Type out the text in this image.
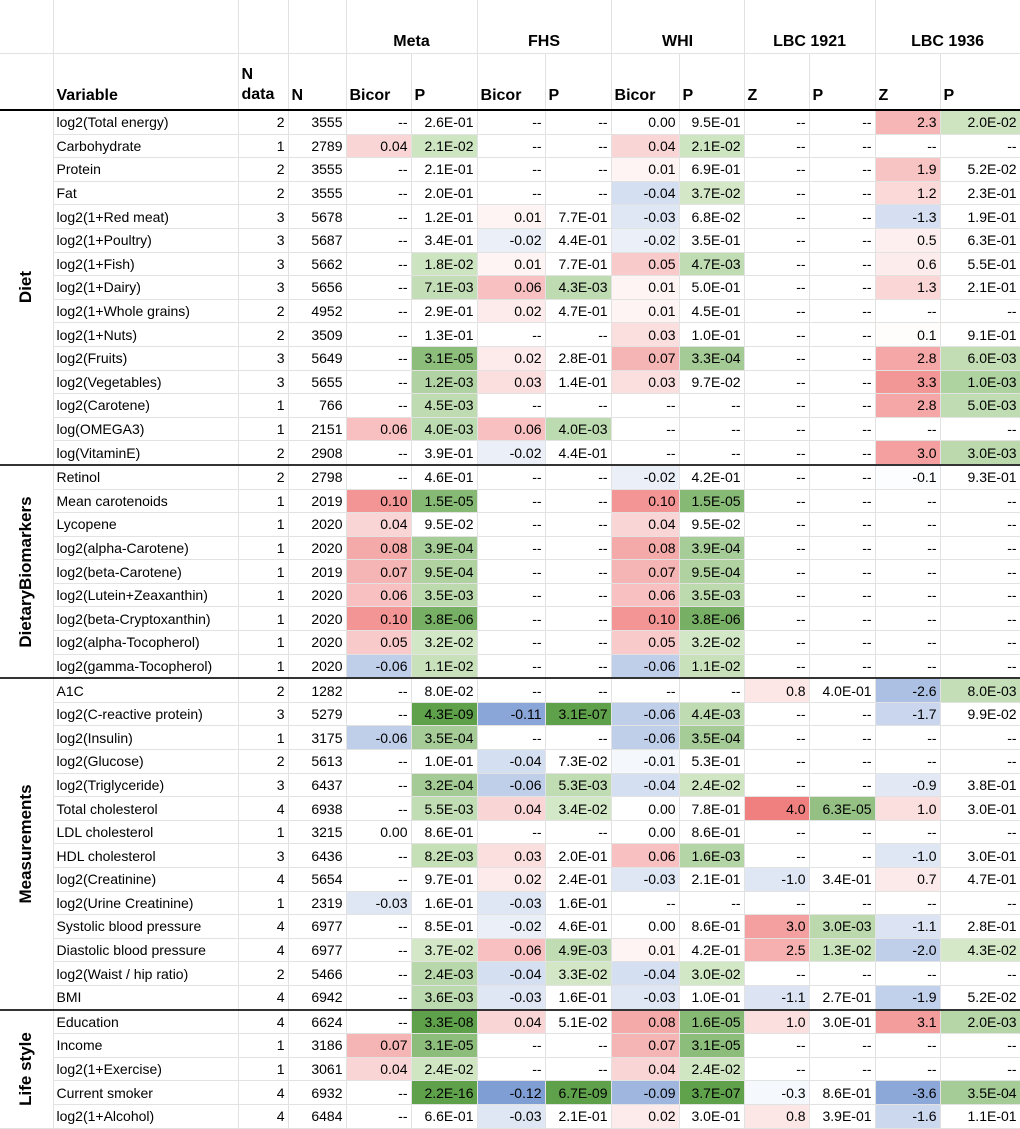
				Meta		FHS		WHI		LBC 1921		LBC 1936	
	Variable	N data	N	Bicor	P	Bicor	P	Bicor	P	Z	P	Z	P

Diet	log2(Total energy)	2	3555	--	2.6E-01	--	--	0.00	9.5E-01	--	--	2.3	2.0E-02
	Carbohydrate	1	2789	0.04	2.1E-02	--	--	0.04	2.1E-02	--	--	--	--
	Protein	2	3555	--	2.1E-01	--	--	0.01	6.9E-01	--	--	1.9	5.2E-02
	Fat	2	3555	--	2.0E-01	--	--	-0.04	3.7E-02	--	--	1.2	2.3E-01
	log2(1+Red meat)	3	5678	--	1.2E-01	0.01	7.7E-01	-0.03	6.8E-02	--	--	-1.3	1.9E-01
	log2(1+Poultry)	3	5687	--	3.4E-01	-0.02	4.4E-01	-0.02	3.5E-01	--	--	0.5	6.3E-01
	log2(1+Fish)	3	5662	--	1.8E-02	0.01	7.7E-01	0.05	4.7E-03	--	--	0.6	5.5E-01
	log2(1+Dairy)	3	5656	--	7.1E-03	0.06	4.3E-03	0.01	5.0E-01	--	--	1.3	2.1E-01
	log2(1+Whole grains)	2	4952	--	2.9E-01	0.02	4.7E-01	0.01	4.5E-01	--	--	--	--
	log2(1+Nuts)	2	3509	--	1.3E-01	--	--	0.03	1.0E-01	--	--	0.1	9.1E-01
	log2(Fruits)	3	5649	--	3.1E-05	0.02	2.8E-01	0.07	3.3E-04	--	--	2.8	6.0E-03
	log2(Vegetables)	3	5655	--	1.2E-03	0.03	1.4E-01	0.03	9.7E-02	--	--	3.3	1.0E-03
	log2(Carotene)	1	766	--	4.5E-03	--	--	--	--	--	--	2.8	5.0E-03
	log(OMEGA3)	1	2151	0.06	4.0E-03	0.06	4.0E-03	--	--	--	--	--	--
	log(VitaminE)	2	2908	--	3.9E-01	-0.02	4.4E-01	--	--	--	--	3.0	3.0E-03

DietaryBiomarkers	Retinol	2	2798	--	4.6E-01	--	--	-0.02	4.2E-01	--	--	-0.1	9.3E-01
	Mean carotenoids	1	2019	0.10	1.5E-05	--	--	0.10	1.5E-05	--	--	--	--
	Lycopene	1	2020	0.04	9.5E-02	--	--	0.04	9.5E-02	--	--	--	--
	log2(alpha-Carotene)	1	2020	0.08	3.9E-04	--	--	0.08	3.9E-04	--	--	--	--
	log2(beta-Carotene)	1	2019	0.07	9.5E-04	--	--	0.07	9.5E-04	--	--	--	--
	log2(Lutein+Zeaxanthin)	1	2020	0.06	3.5E-03	--	--	0.06	3.5E-03	--	--	--	--
	log2(beta-Cryptoxanthin)	1	2020	0.10	3.8E-06	--	--	0.10	3.8E-06	--	--	--	--
	log2(alpha-Tocopherol)	1	2020	0.05	3.2E-02	--	--	0.05	3.2E-02	--	--	--	--
	log2(gamma-Tocopherol)	1	2020	-0.06	1.1E-02	--	--	-0.06	1.1E-02	--	--	--	--

Measurements	A1C	2	1282	--	8.0E-02	--	--	--	--	0.8	4.0E-01	-2.6	8.0E-03
	log2(C-reactive protein)	3	5279	--	4.3E-09	-0.11	3.1E-07	-0.06	4.4E-03	--	--	-1.7	9.9E-02
	log2(Insulin)	1	3175	-0.06	3.5E-04	--	--	-0.06	3.5E-04	--	--	--	--
	log2(Glucose)	2	5613	--	1.0E-01	-0.04	7.3E-02	-0.01	5.3E-01	--	--	--	--
	log2(Triglyceride)	3	6437	--	3.2E-04	-0.06	5.3E-03	-0.04	2.4E-02	--	--	-0.9	3.8E-01
	Total cholesterol	4	6938	--	5.5E-03	0.04	3.4E-02	0.00	7.8E-01	4.0	6.3E-05	1.0	3.0E-01
	LDL cholesterol	1	3215	0.00	8.6E-01	--	--	0.00	8.6E-01	--	--	--	--
	HDL cholesterol	3	6436	--	8.2E-03	0.03	2.0E-01	0.06	1.6E-03	--	--	-1.0	3.0E-01
	log2(Creatinine)	4	5654	--	9.7E-01	0.02	2.4E-01	-0.03	2.1E-01	-1.0	3.4E-01	0.7	4.7E-01
	log2(Urine Creatinine)	1	2319	-0.03	1.6E-01	-0.03	1.6E-01	--	--	--	--	--	--
	Systolic blood pressure	4	6977	--	8.5E-01	-0.02	4.6E-01	0.00	8.6E-01	3.0	3.0E-03	-1.1	2.8E-01
	Diastolic blood pressure	4	6977	--	3.7E-02	0.06	4.9E-03	0.01	4.2E-01	2.5	1.3E-02	-2.0	4.3E-02
	log2(Waist / hip ratio)	2	5466	--	2.4E-03	-0.04	3.3E-02	-0.04	3.0E-02	--	--	--	--
	BMI	4	6942	--	3.6E-03	-0.03	1.6E-01	-0.03	1.0E-01	-1.1	2.7E-01	-1.9	5.2E-02

Life style	Education	4	6624	--	3.3E-08	0.04	5.1E-02	0.08	1.6E-05	1.0	3.0E-01	3.1	2.0E-03
	Income	1	3186	0.07	3.1E-05	--	--	0.07	3.1E-05	--	--	--	--
	log2(1+Exercise)	1	3061	0.04	2.4E-02	--	--	0.04	2.4E-02	--	--	--	--
	Current smoker	4	6932	--	2.2E-16	-0.12	6.7E-09	-0.09	3.7E-07	-0.3	8.6E-01	-3.6	3.5E-04
	log2(1+Alcohol)	4	6484	--	6.6E-01	-0.03	2.1E-01	0.02	3.0E-01	0.8	3.9E-01	-1.6	1.1E-01
